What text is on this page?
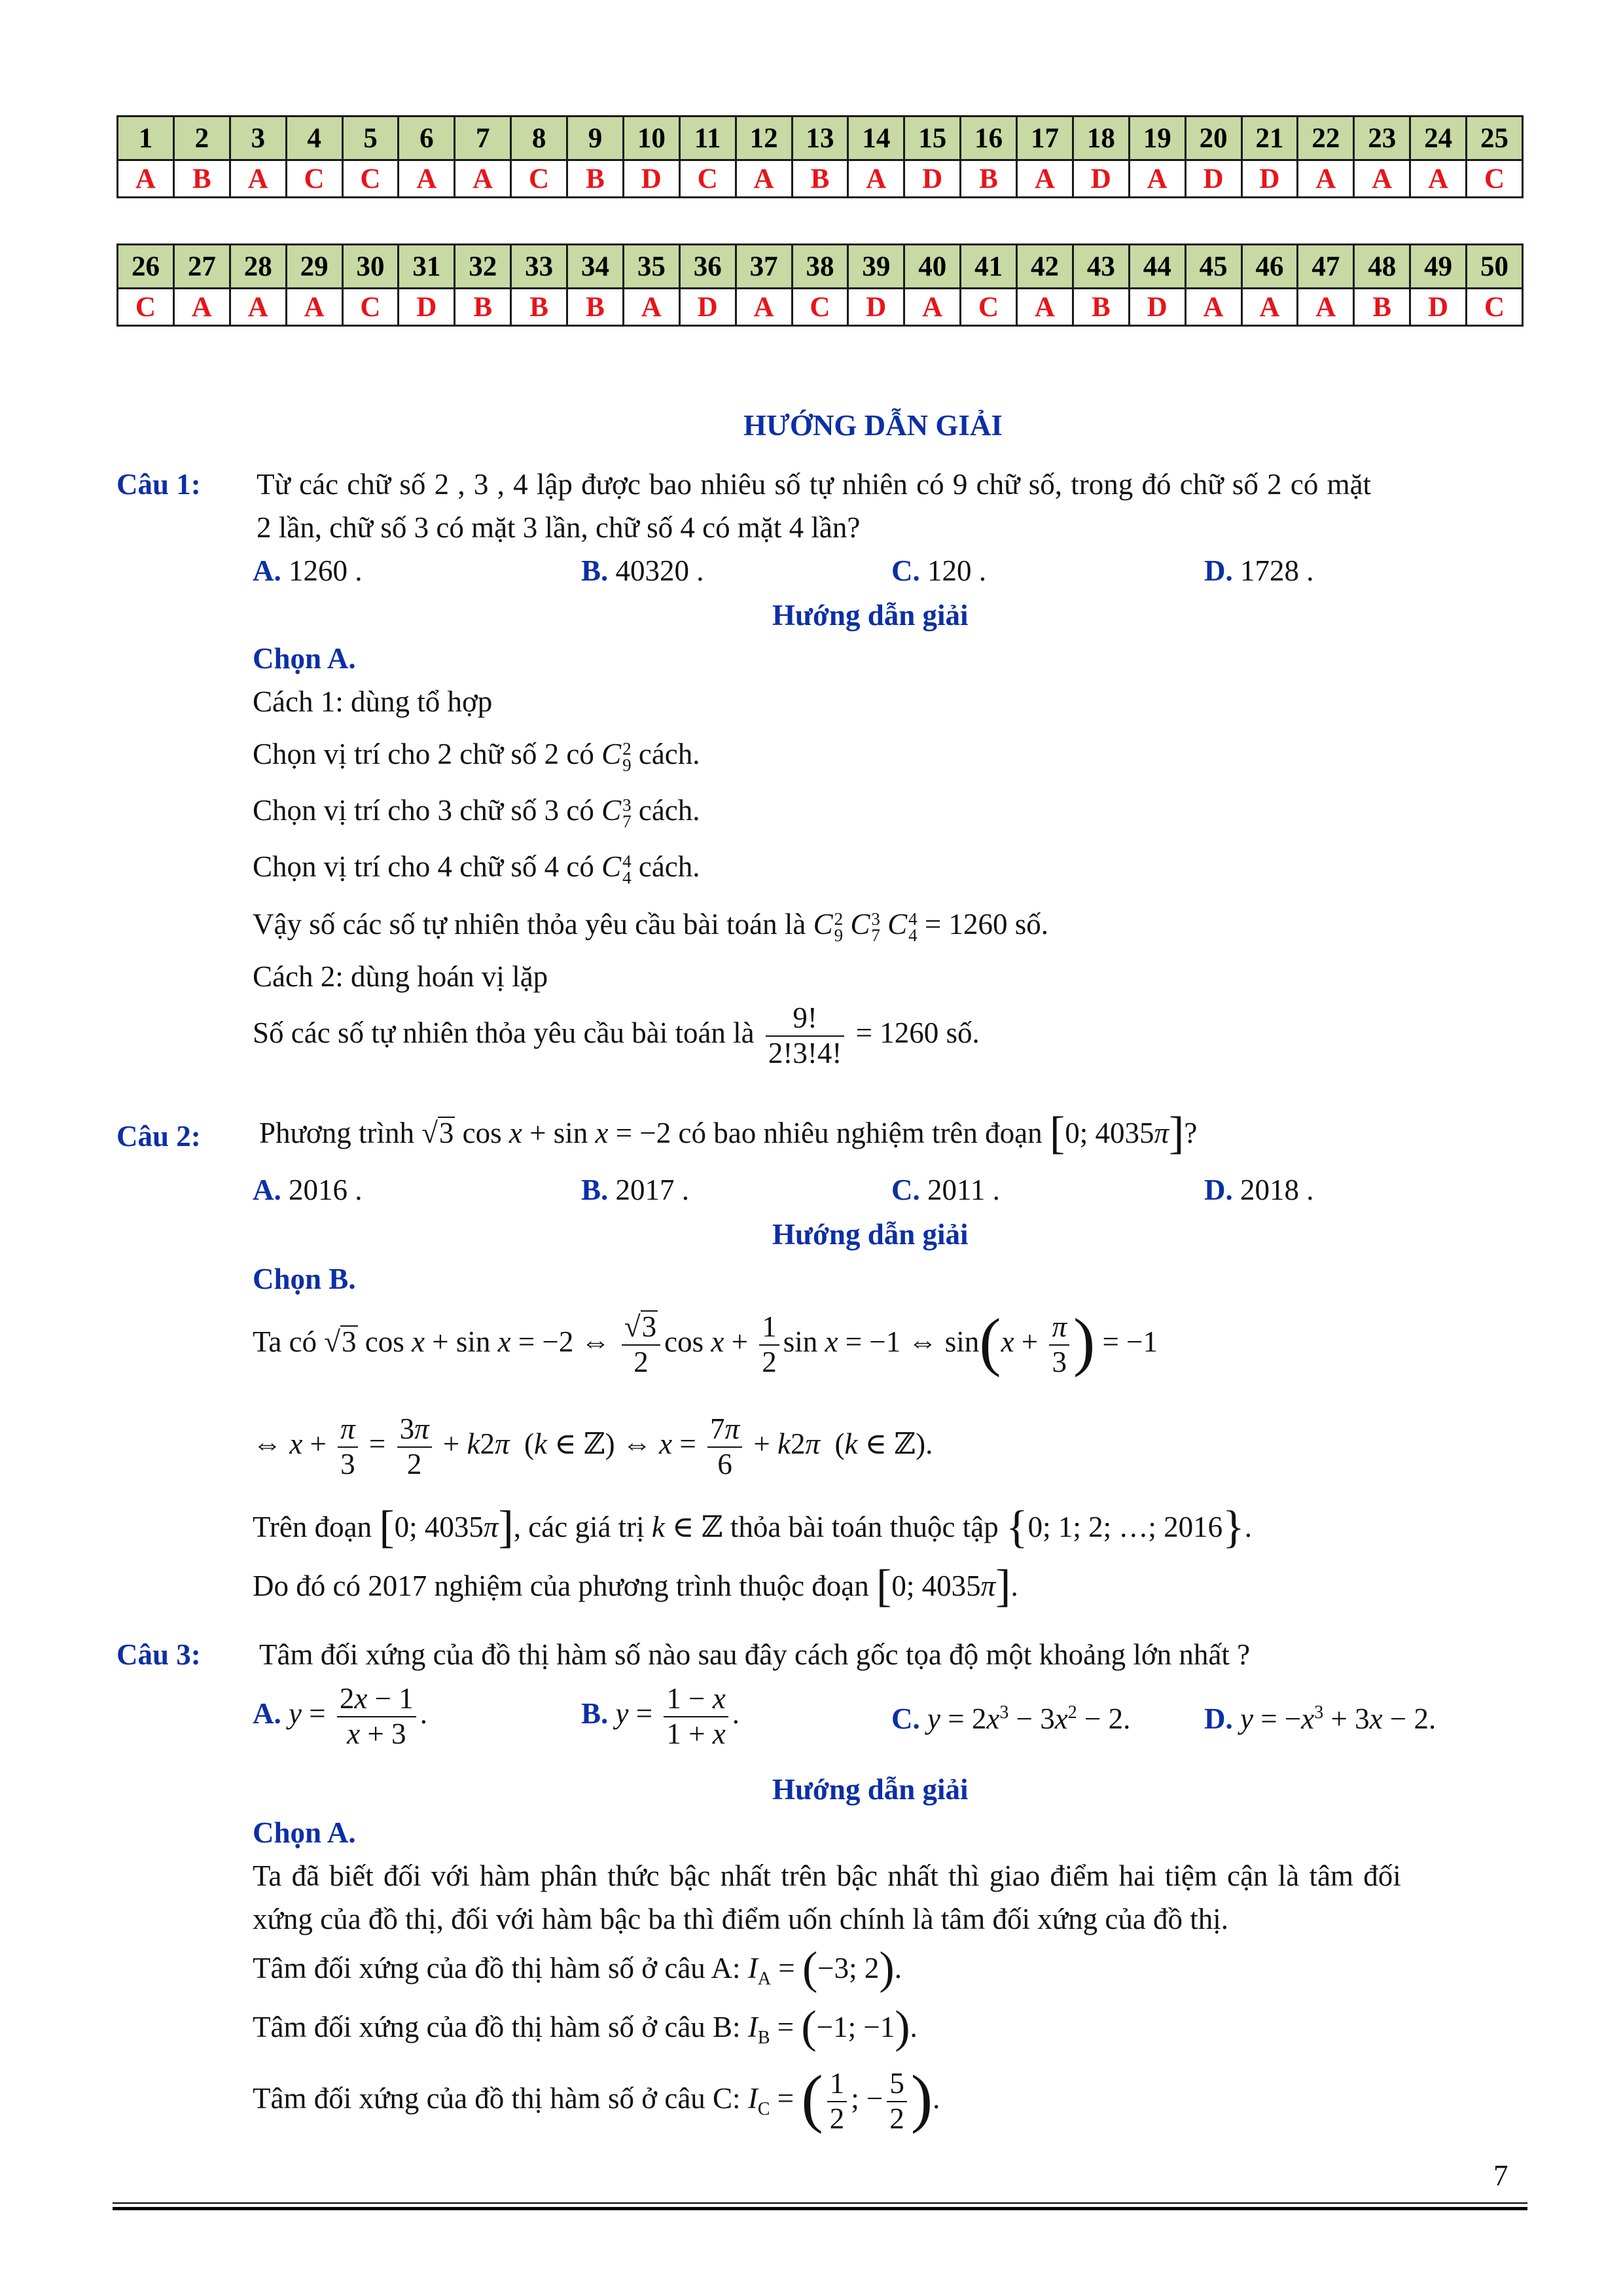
1	2	3	4	5	6	7	8	9	10	11	12	13	14	15	16	17	18	19	20	21	22	23	24	25
A	B	A	C	C	A	A	C	B	D	C	A	B	A	D	B	A	D	A	D	D	A	A	A	C
26	27	28	29	30	31	32	33	34	35	36	37	38	39	40	41	42	43	44	45	46	47	48	49	50
C	A	A	A	C	D	B	B	B	A	D	A	C	D	A	C	A	B	D	A	A	A	B	D	C
HƯỚNG DẪN GIẢI
Câu 1: Từ các chữ số 2 , 3 , 4 lập được bao nhiêu số tự nhiên có 9 chữ số, trong đó chữ số 2 có mặt
2 lần, chữ số 3 có mặt 3 lần, chữ số 4 có mặt 4 lần?
A. 1260 .	B. 40320 .	C. 120 .	D. 1728 .
Hướng dẫn giải
Chọn A.
Cách 1: dùng tổ hợp
Chọn vị trí cho 2 chữ số 2 có C 2
9 cách.
Chọn vị trí cho 3 chữ số 3 có C 3
7 cách.
Chọn vị trí cho 4 chữ số 4 có C 4
4 cách.
Vậy số các số tự nhiên thỏa yêu cầu bài toán là C 2
9 C 3
7 C 4
4 = 1260 số.
Cách 2: dùng hoán vị lặp
Số các số tự nhiên thỏa yêu cầu bài toán là $\frac{9!}{2!3!4!} = 1260$ số.
Câu 2: Phương trình √3 cos x + sin x = −2 có bao nhiêu nghiệm trên đoạn [0; 4035π]?
A. 2016 .	B. 2017 .	C. 2011 .	D. 2018 .
Hướng dẫn giải
Chọn B.
Ta có √3 cos x + sin x = −2 ⇔ $\frac{√3}{2}$ $\cos x + \frac{1}{2}$ sin x = −1 ⇔ $\sin(x + \frac{\pi}{3}$ ) = −1
⇔ $x + \frac{\pi}{3} = \frac{3\pi}{2} + k2\pi$  (k ∈ ℤ) ⇔ $x = \frac{7\pi}{6} + k2\pi$  (k ∈ ℤ).
Trên đoạn [0; 4035π], các giá trị k ∈ ℤ thỏa bài toán thuộc tập {0; 1; 2; …; 2016}.
Do đó có 2017 nghiệm của phương trình thuộc đoạn [0; 4035π].
Câu 3: Tâm đối xứng của đồ thị hàm số nào sau đây cách gốc tọa độ một khoảng lớn nhất ?
A. $y = \frac{2x - 1}{x + 3}$ .	B. $y = \frac{1 - x}{1 + x}$ .	C. $y = 2x^3 - 3x^2 - 2$.	D. $y = -x^3 + 3x - 2$.
Hướng dẫn giải
Chọn A.
Ta đã biết đối với hàm phân thức bậc nhất trên bậc nhất thì giao điểm hai tiệm cận là tâm đối
xứng của đồ thị, đối với hàm bậc ba thì điểm uốn chính là tâm đối xứng của đồ thị.
Tâm đối xứng của đồ thị hàm số ở câu A: $I_A = (-3$; 2).
Tâm đối xứng của đồ thị hàm số ở câu B: $I_B = (-1$; −1).
Tâm đối xứng của đồ thị hàm số ở câu C: $I_C$ = ( $\frac{1}{2}$ ; − $\frac{5}{2}$ ).
7
